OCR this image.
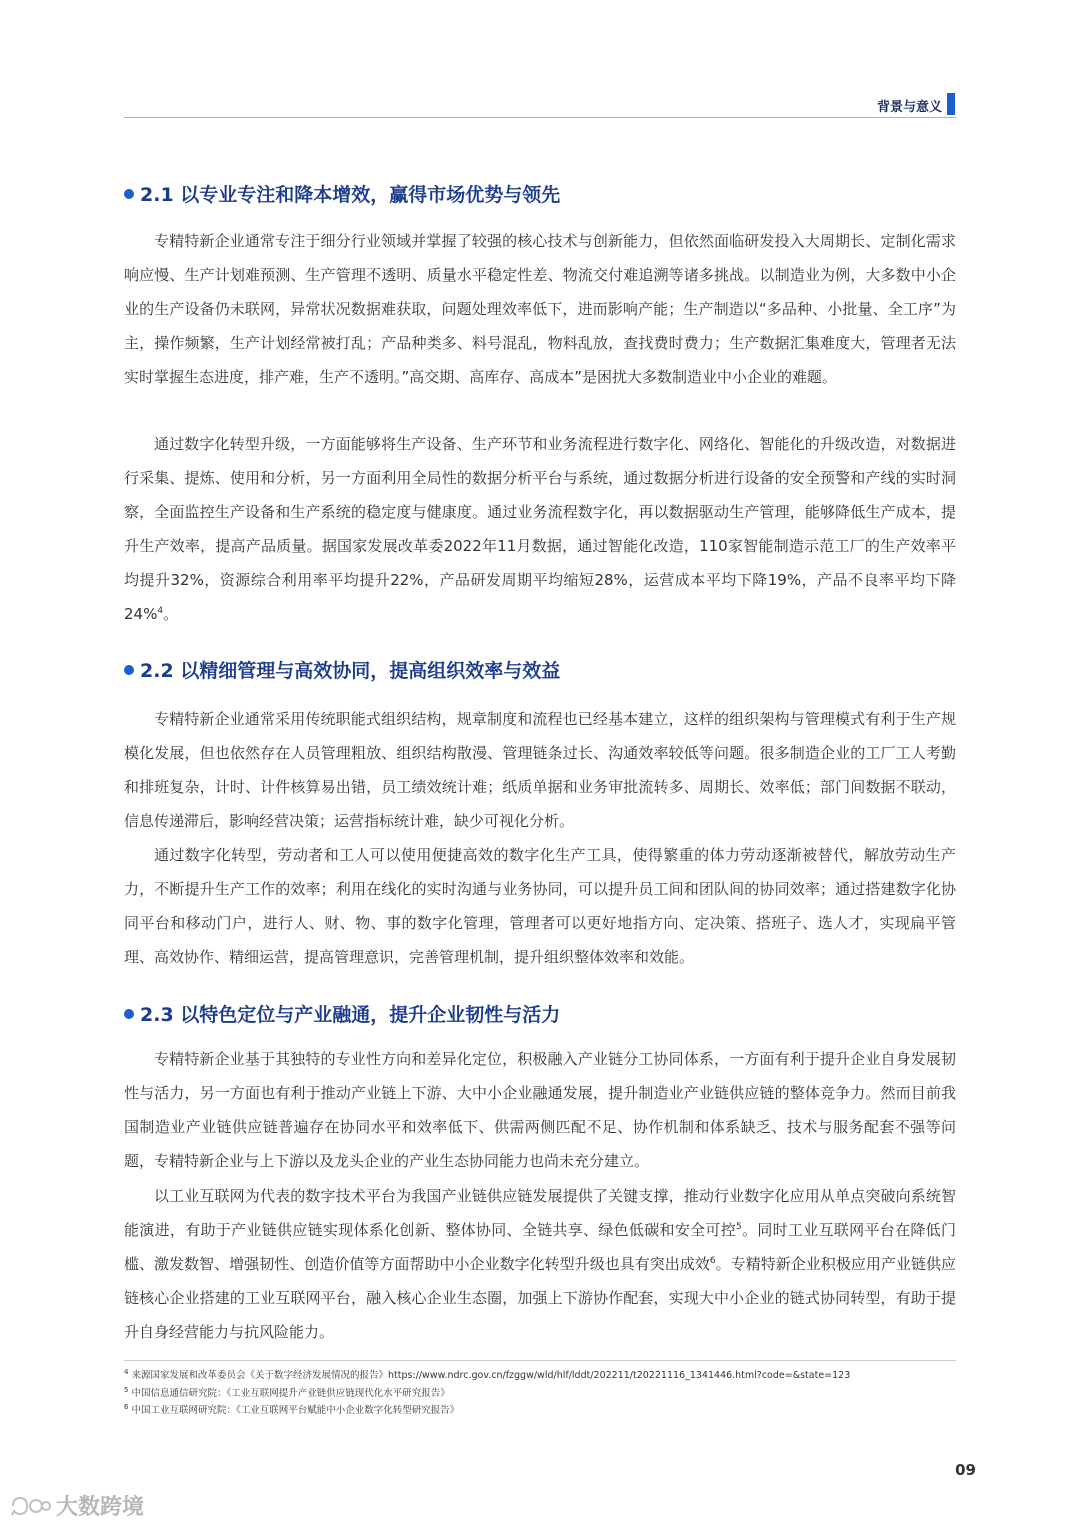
背景与意义
2.1 以专业专注和降本增效，赢得市场优势与领先

专精特新企业通常专注于细分行业领域并掌握了较强的核心技术与创新能力，但依然面临研发投入大周期长、定制化需求响应慢、生产计划难预测、生产管理不透明、质量水平稳定性差、物流交付难追溯等诸多挑战。以制造业为例，大多数中小企业的生产设备仍未联网，异常状况数据难获取，问题处理效率低下，进而影响产能；生产制造以“多品种、小批量、全工序”为主，操作频繁，生产计划经常被打乱；产品种类多、料号混乱，物料乱放，查找费时费力；生产数据汇集难度大，管理者无法实时掌握生态进度，排产难，生产不透明。”高交期、高库存、高成本”是困扰大多数制造业中小企业的难题。

通过数字化转型升级，一方面能够将生产设备、生产环节和业务流程进行数字化、网络化、智能化的升级改造，对数据进行采集、提炼、使用和分析，另一方面利用全局性的数据分析平台与系统，通过数据分析进行设备的安全预警和产线的实时洞察，全面监控生产设备和生产系统的稳定度与健康度。通过业务流程数字化，再以数据驱动生产管理，能够降低生产成本，提升生产效率，提高产品质量。据国家发展改革委2022年11月数据，通过智能化改造，110家智能制造示范工厂的生产效率平均提升32%，资源综合利用率平均提升22%，产品研发周期平均缩短28%，运营成本平均下降19%，产品不良率平均下降24%$^4$。

2.2 以精细管理与高效协同，提高组织效率与效益

专精特新企业通常采用传统职能式组织结构，规章制度和流程也已经基本建立，这样的组织架构与管理模式有利于生产规模化发展，但也依然存在人员管理粗放、组织结构散漫、管理链条过长、沟通效率较低等问题。很多制造企业的工厂工人考勤和排班复杂，计时、计件核算易出错，员工绩效统计难；纸质单据和业务审批流转多、周期长、效率低；部门间数据不联动，信息传递滞后，影响经营决策；运营指标统计难，缺少可视化分析。

通过数字化转型，劳动者和工人可以使用便捷高效的数字化生产工具，使得繁重的体力劳动逐渐被替代，解放劳动生产力，不断提升生产工作的效率；利用在线化的实时沟通与业务协同，可以提升员工间和团队间的协同效率；通过搭建数字化协同平台和移动门户，进行人、财、物、事的数字化管理，管理者可以更好地指方向、定决策、搭班子、选人才，实现扁平管理、高效协作、精细运营，提高管理意识，完善管理机制，提升组织整体效率和效能。

2.3 以特色定位与产业融通，提升企业韧性与活力

专精特新企业基于其独特的专业性方向和差异化定位，积极融入产业链分工协同体系，一方面有利于提升企业自身发展韧性与活力，另一方面也有利于推动产业链上下游、大中小企业融通发展，提升制造业产业链供应链的整体竞争力。然而目前我国制造业产业链供应链普遍存在协同水平和效率低下、供需两侧匹配不足、协作机制和体系缺乏、技术与服务配套不强等问题，专精特新企业与上下游以及龙头企业的产业生态协同能力也尚未充分建立。

以工业互联网为代表的数字技术平台为我国产业链供应链发展提供了关键支撑，推动行业数字化应用从单点突破向系统智能演进，有助于产业链供应链实现体系化创新、整体协同、全链共享、绿色低碳和安全可控$^5$。同时工业互联网平台在降低门槛、激发数智、增强韧性、创造价值等方面帮助中小企业数字化转型升级也具有突出成效$^6$。专精特新企业积极应用产业链供应链核心企业搭建的工业互联网平台，融入核心企业生态圈，加强上下游协作配套，实现大中小企业的链式协同转型，有助于提升自身经营能力与抗风险能力。

$^4$ 来源国家发展和改革委员会《关于数字经济发展情况的报告》https://www.ndrc.gov.cn/fzggw/wld/hlf/lddt/202211/t20221116_1341446.html?code=&state=123
$^5$ 中国信息通信研究院：《工业互联网提升产业链供应链现代化水平研究报告》
$^6$ 中国工业互联网研究院：《工业互联网平台赋能中小企业数字化转型研究报告》
09
大数跨境
